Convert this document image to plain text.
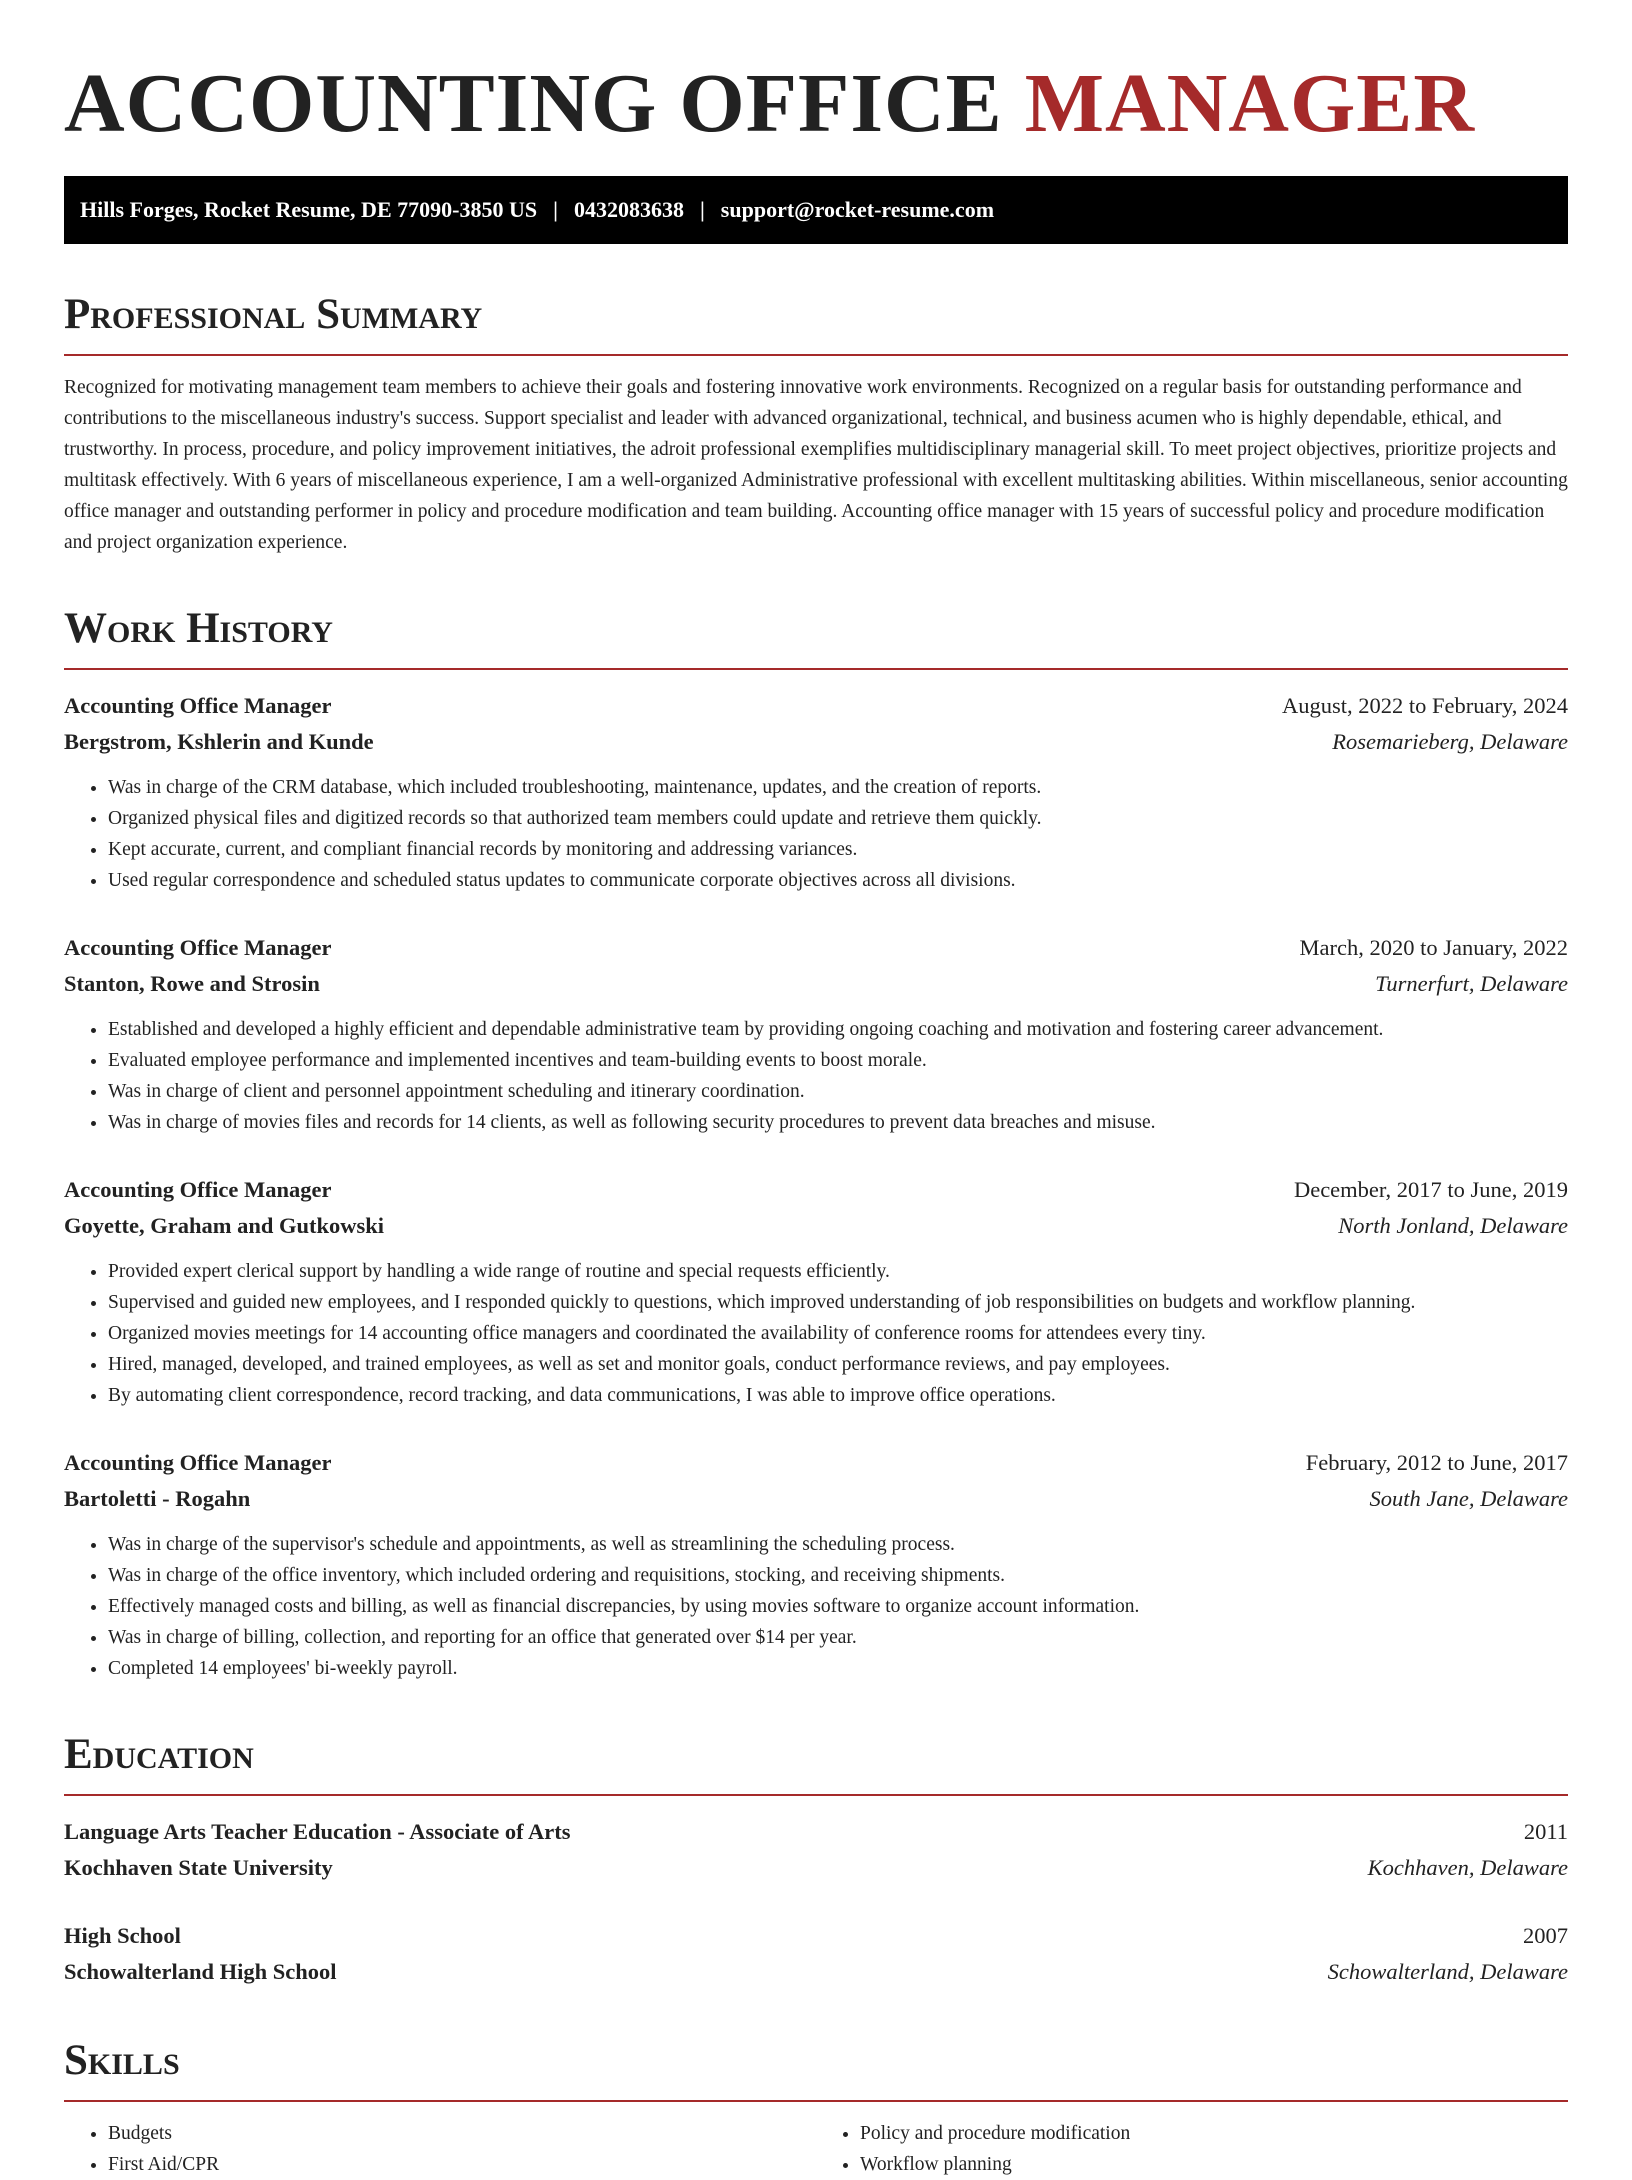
ACCOUNTING OFFICE MANAGER
Hills Forges, Rocket Resume, DE 77090-3850 US | 0432083638 | support@rocket-resume.com
Professional Summary

Recognized for motivating management team members to achieve their goals and fostering innovative work environments. Recognized on a regular basis for outstanding performance and contributions to the miscellaneous industry's success. Support specialist and leader with advanced organizational, technical, and business acumen who is highly dependable, ethical, and trustworthy. In process, procedure, and policy improvement initiatives, the adroit professional exemplifies multidisciplinary managerial skill. To meet project objectives, prioritize projects and multitask effectively. With 6 years of miscellaneous experience, I am a well-organized Administrative professional with excellent multitasking abilities. Within miscellaneous, senior accounting office manager and outstanding performer in policy and procedure modification and team building. Accounting office manager with 15 years of successful policy and procedure modification and project organization experience.

Work History
Accounting Office Manager	August, 2022 to February, 2024
Bergstrom, Kshlerin and Kunde	Rosemarieberg, Delaware
• Was in charge of the CRM database, which included troubleshooting, maintenance, updates, and the creation of reports.
• Organized physical files and digitized records so that authorized team members could update and retrieve them quickly.
• Kept accurate, current, and compliant financial records by monitoring and addressing variances.
• Used regular correspondence and scheduled status updates to communicate corporate objectives across all divisions.
Accounting Office Manager	March, 2020 to January, 2022
Stanton, Rowe and Strosin	Turnerfurt, Delaware
• Established and developed a highly efficient and dependable administrative team by providing ongoing coaching and motivation and fostering career advancement.
• Evaluated employee performance and implemented incentives and team-building events to boost morale.
• Was in charge of client and personnel appointment scheduling and itinerary coordination.
• Was in charge of movies files and records for 14 clients, as well as following security procedures to prevent data breaches and misuse.
Accounting Office Manager	December, 2017 to June, 2019
Goyette, Graham and Gutkowski	North Jonland, Delaware
• Provided expert clerical support by handling a wide range of routine and special requests efficiently.
• Supervised and guided new employees, and I responded quickly to questions, which improved understanding of job responsibilities on budgets and workflow planning.
• Organized movies meetings for 14 accounting office managers and coordinated the availability of conference rooms for attendees every tiny.
• Hired, managed, developed, and trained employees, as well as set and monitor goals, conduct performance reviews, and pay employees.
• By automating client correspondence, record tracking, and data communications, I was able to improve office operations.
Accounting Office Manager	February, 2012 to June, 2017
Bartoletti - Rogahn	South Jane, Delaware
• Was in charge of the supervisor's schedule and appointments, as well as streamlining the scheduling process.
• Was in charge of the office inventory, which included ordering and requisitions, stocking, and receiving shipments.
• Effectively managed costs and billing, as well as financial discrepancies, by using movies software to organize account information.
• Was in charge of billing, collection, and reporting for an office that generated over $14 per year.
• Completed 14 employees' bi-weekly payroll.
Education
Language Arts Teacher Education - Associate of Arts	2011
Kochhaven State University	Kochhaven, Delaware
High School	2007
Schowalterland High School	Schowalterland, Delaware
Skills
• Budgets
• First Aid/CPR
• Policy and procedure modification
• Workflow planning
